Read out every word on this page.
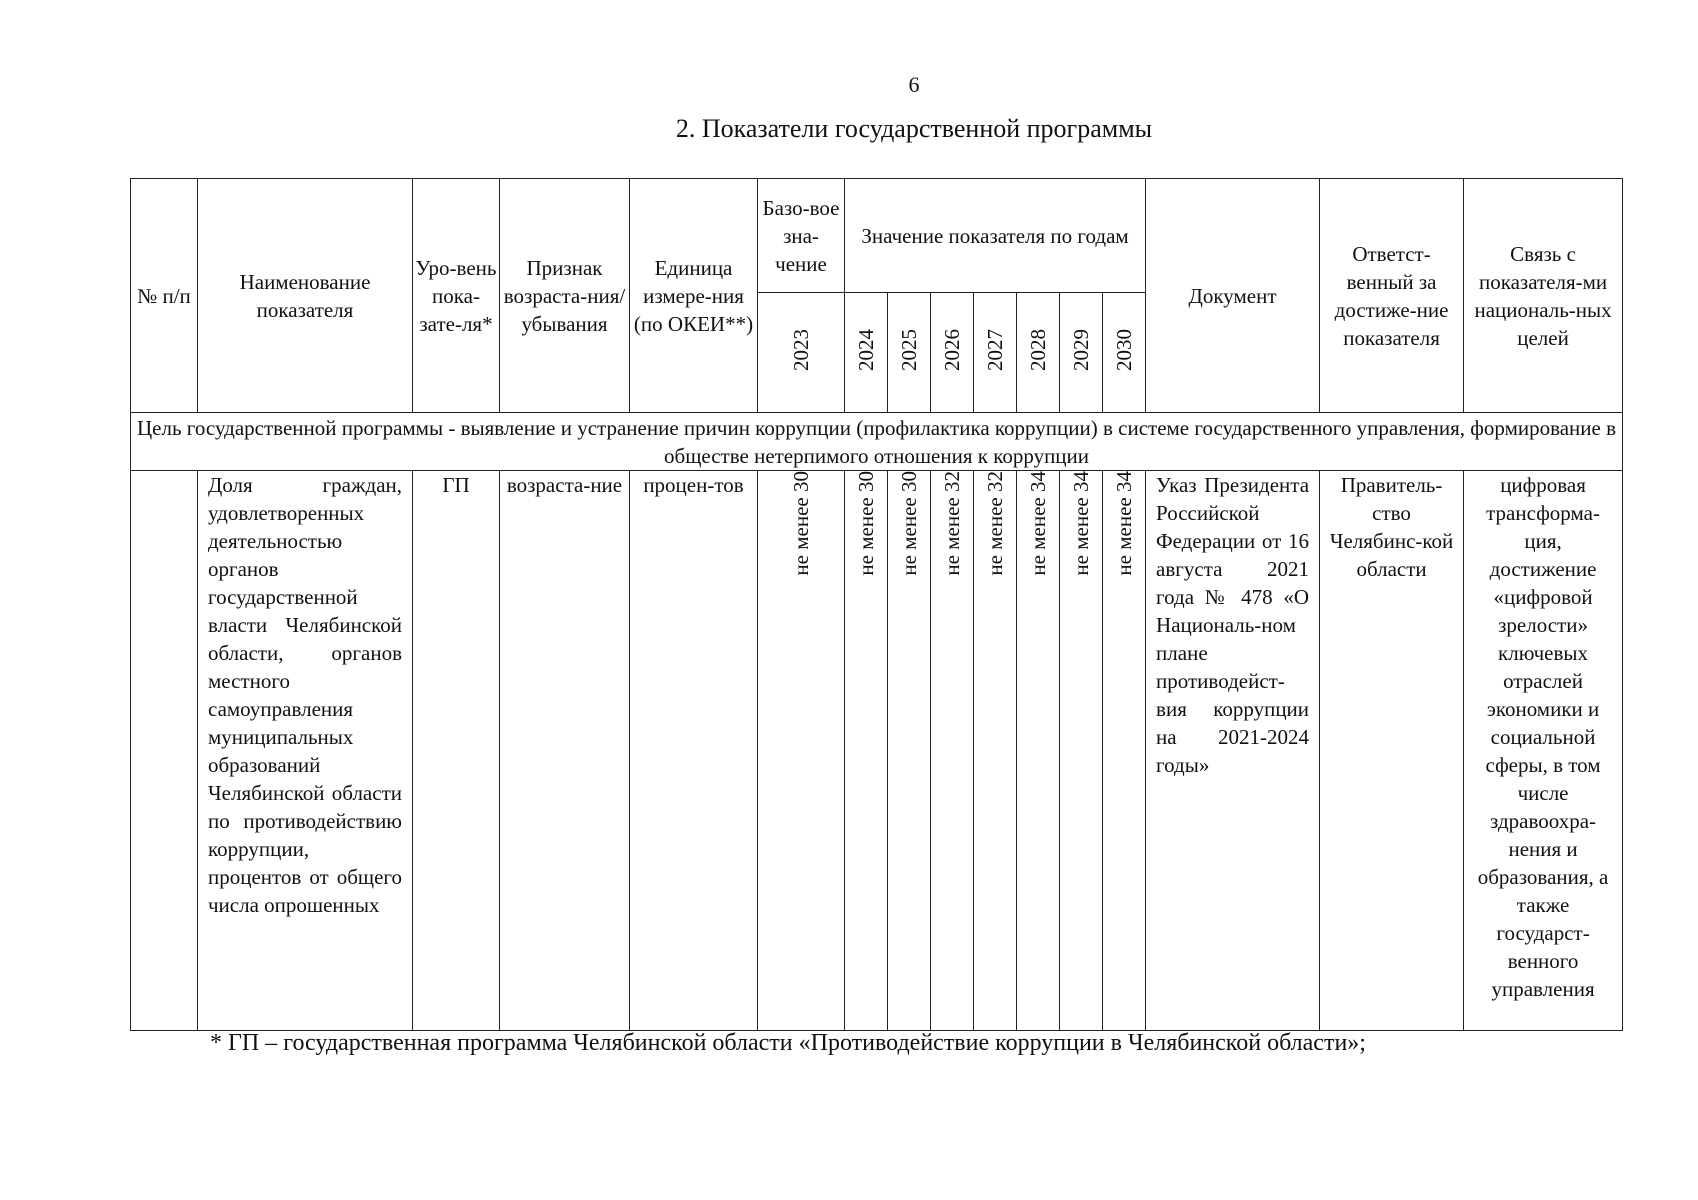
6
2. Показатели государственной программы
№ п/п	Наименование показателя	Уро-вень пока-зате-ля*	Признак возраста-ния/ убывания	Единица измере-ния (по ОКЕИ**)	Базо-вое зна-чение	Значение показателя по годам							Документ	Ответст-венный за достиже-ние показателя	Связь с показателя-ми националь-ных целей
					2023	2024	2025	2026	2027	2028	2029	2030			
Цель государственной программы - выявление и устранение причин коррупции (профилактика коррупции) в системе государственного управления, формирование в обществе нетерпимого отношения к коррупции															
	Доля граждан, удовлетворенных деятельностью органов государственной власти Челябинской области, органов местного самоуправления муниципальных образований Челябинской области по противодействию коррупции, процентов от общего числа опрошенных	ГП	возраста-ние	процен-тов	не менее 30	не менее 30	не менее 30	не менее 32	не менее 32	не менее 34	не менее 34	не менее 34	Указ Президента Российской Федерации от 16 августа 2021 года № 478 «О Националь-ном плане противодейст-вия коррупции на 2021-2024 годы»	Правитель-ство Челябинс-кой области	цифровая трансформа-ция, достижение «цифровой зрелости» ключевых отраслей экономики и социальной сферы, в том числе здравоохра-нения и образования, а также государст-венного управления
* ГП – государственная программа Челябинской области «Противодействие коррупции в Челябинской области»;
